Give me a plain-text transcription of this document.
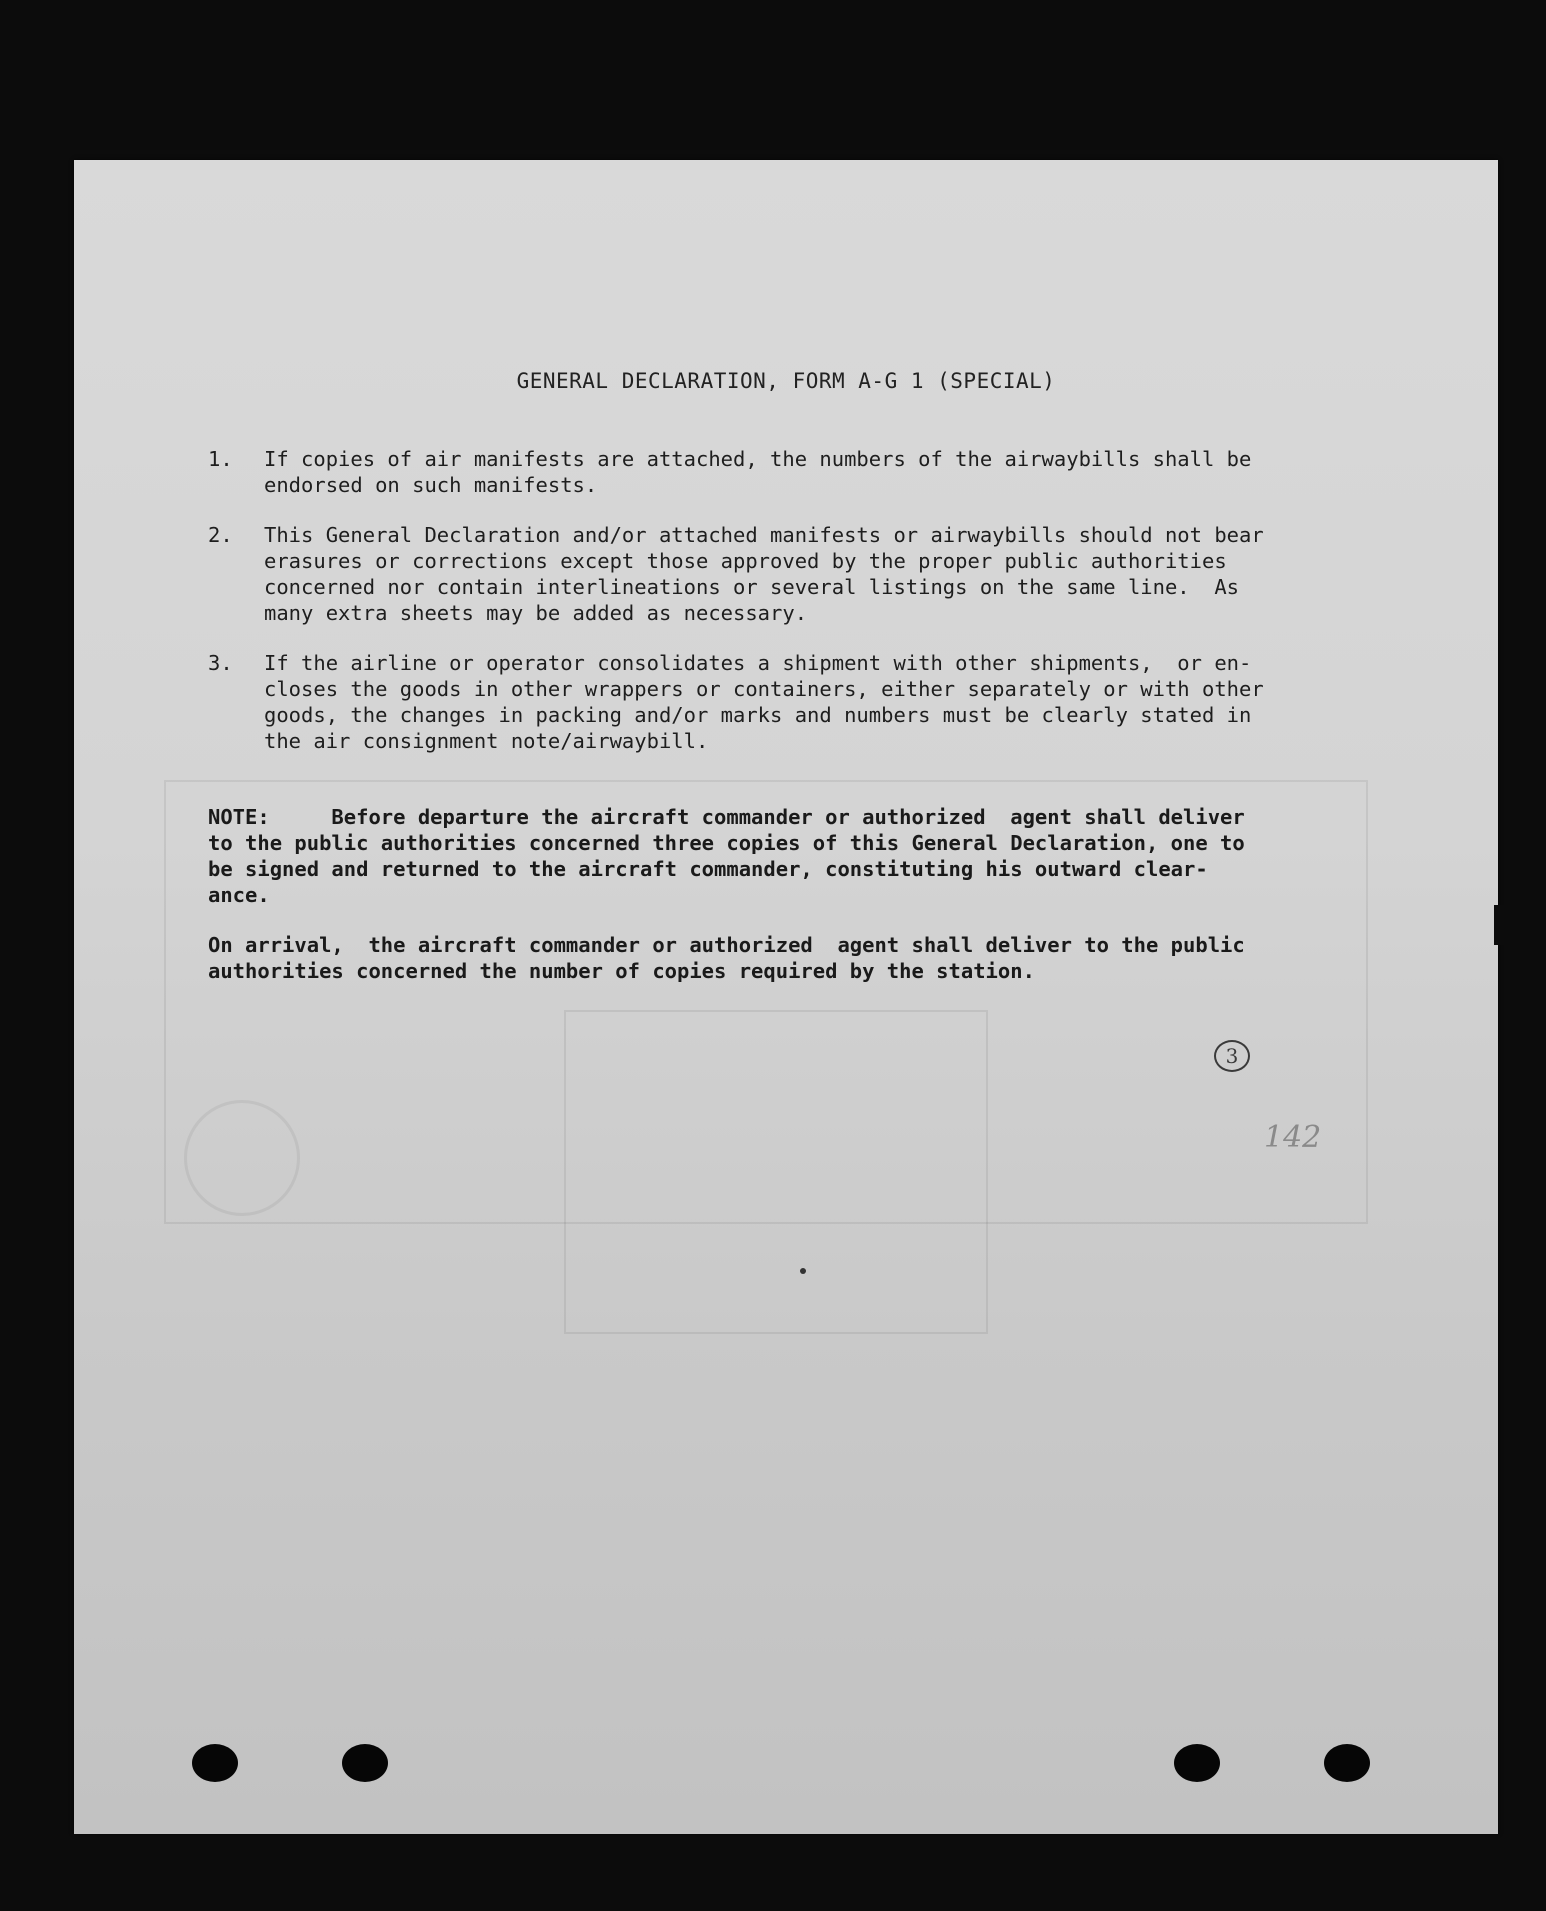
GENERAL DECLARATION, FORM A-G 1 (SPECIAL)
1.	If copies of air manifests are attached, the numbers of the airwaybills shall be
endorsed on such manifests.
2.	This General Declaration and/or attached manifests or airwaybills should not bear
erasures or corrections except those approved by the proper public authorities
concerned nor contain interlineations or several listings on the same line.  As
many extra sheets may be added as necessary.
3.	If the airline or operator consolidates a shipment with other shipments,  or en-
closes the goods in other wrappers or containers, either separately or with other
goods, the changes in packing and/or marks and numbers must be clearly stated in
the air consignment note/airwaybill.
NOTE:     Before departure the aircraft commander or authorized  agent shall deliver
to the public authorities concerned three copies of this General Declaration, one to
be signed and returned to the aircraft commander, constituting his outward clear-
ance.
On arrival,  the aircraft commander or authorized  agent shall deliver to the public
authorities concerned the number of copies required by the station.
3
142
